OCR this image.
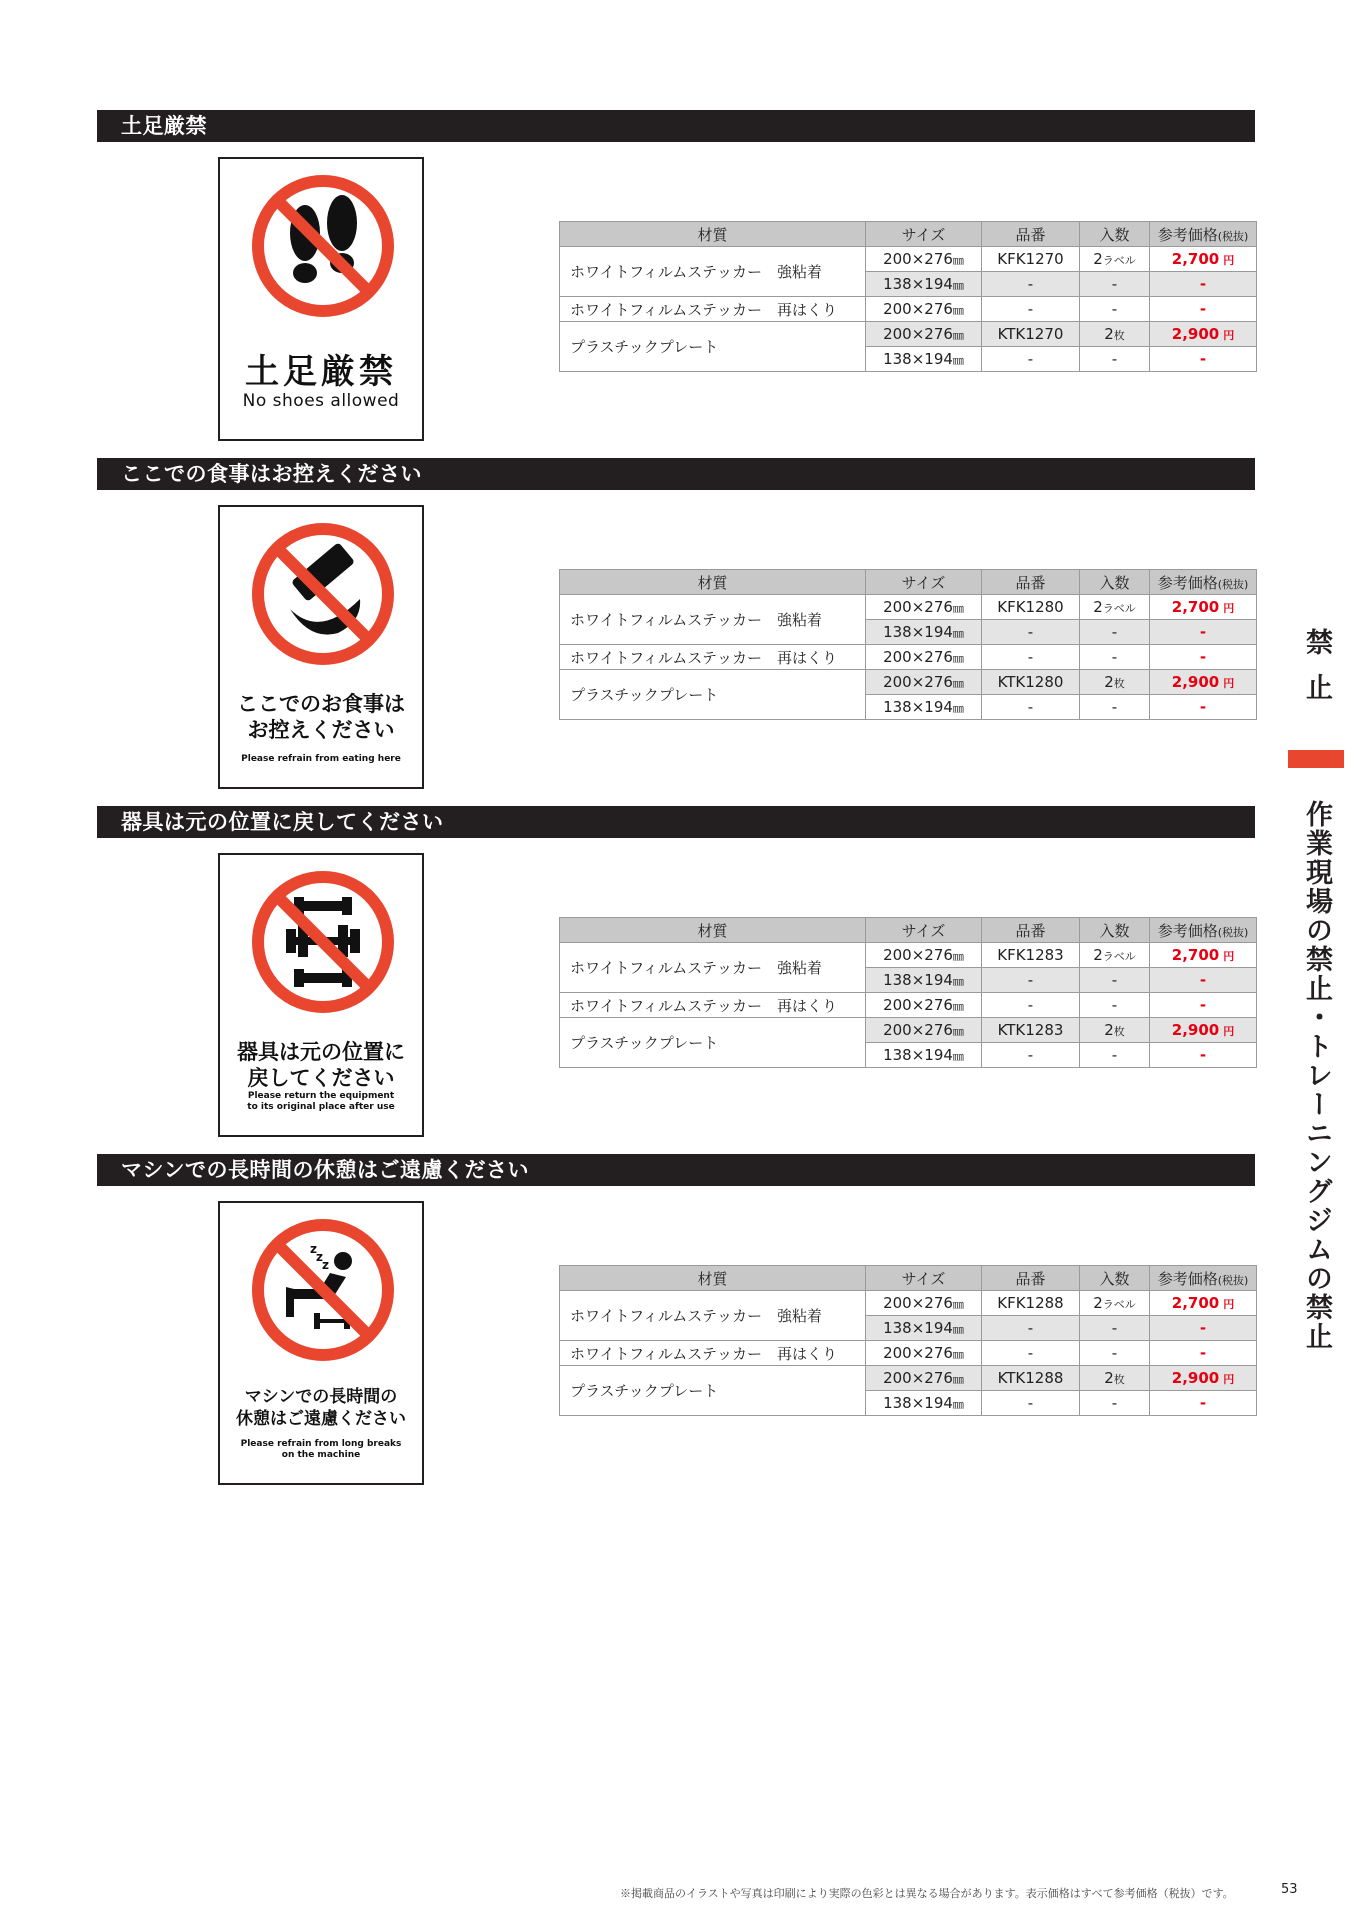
土足厳禁
土足厳禁
No shoes allowed
材質	サイズ	品番	入数	参考価格(税抜)
ホワイトフィルムステッカー　強粘着	200×276㎜	KFK1270	2ラベル	2,700 円
	138×194㎜	-	-	-
ホワイトフィルムステッカー　再はくり	200×276㎜	-	-	-
プラスチックプレート	200×276㎜	KTK1270	2枚	2,900 円
	138×194㎜	-	-	-
ここでの食事はお控えください
ここでのお食事は
お控えください
Please refrain from eating here
材質	サイズ	品番	入数	参考価格(税抜)
ホワイトフィルムステッカー　強粘着	200×276㎜	KFK1280	2ラベル	2,700 円
	138×194㎜	-	-	-
ホワイトフィルムステッカー　再はくり	200×276㎜	-	-	-
プラスチックプレート	200×276㎜	KTK1280	2枚	2,900 円
	138×194㎜	-	-	-
器具は元の位置に戻してください
器具は元の位置に
戻してください
Please return the equipment
to its original place after use
材質	サイズ	品番	入数	参考価格(税抜)
ホワイトフィルムステッカー　強粘着	200×276㎜	KFK1283	2ラベル	2,700 円
	138×194㎜	-	-	-
ホワイトフィルムステッカー　再はくり	200×276㎜	-	-	-
プラスチックプレート	200×276㎜	KTK1283	2枚	2,900 円
	138×194㎜	-	-	-
マシンでの長時間の休憩はご遠慮ください
z
z
z
マシンでの長時間の
休憩はご遠慮ください
Please refrain from long breaks
on the machine
材質	サイズ	品番	入数	参考価格(税抜)
ホワイトフィルムステッカー　強粘着	200×276㎜	KFK1288	2ラベル	2,700 円
	138×194㎜	-	-	-
ホワイトフィルムステッカー　再はくり	200×276㎜	-	-	-
プラスチックプレート	200×276㎜	KTK1288	2枚	2,900 円
	138×194㎜	-	-	-
禁止
作業現場の禁止・トレーニングジムの禁止
※掲載商品のイラストや写真は印刷により実際の色彩とは異なる場合があります。表示価格はすべて参考価格（税抜）です。	53
